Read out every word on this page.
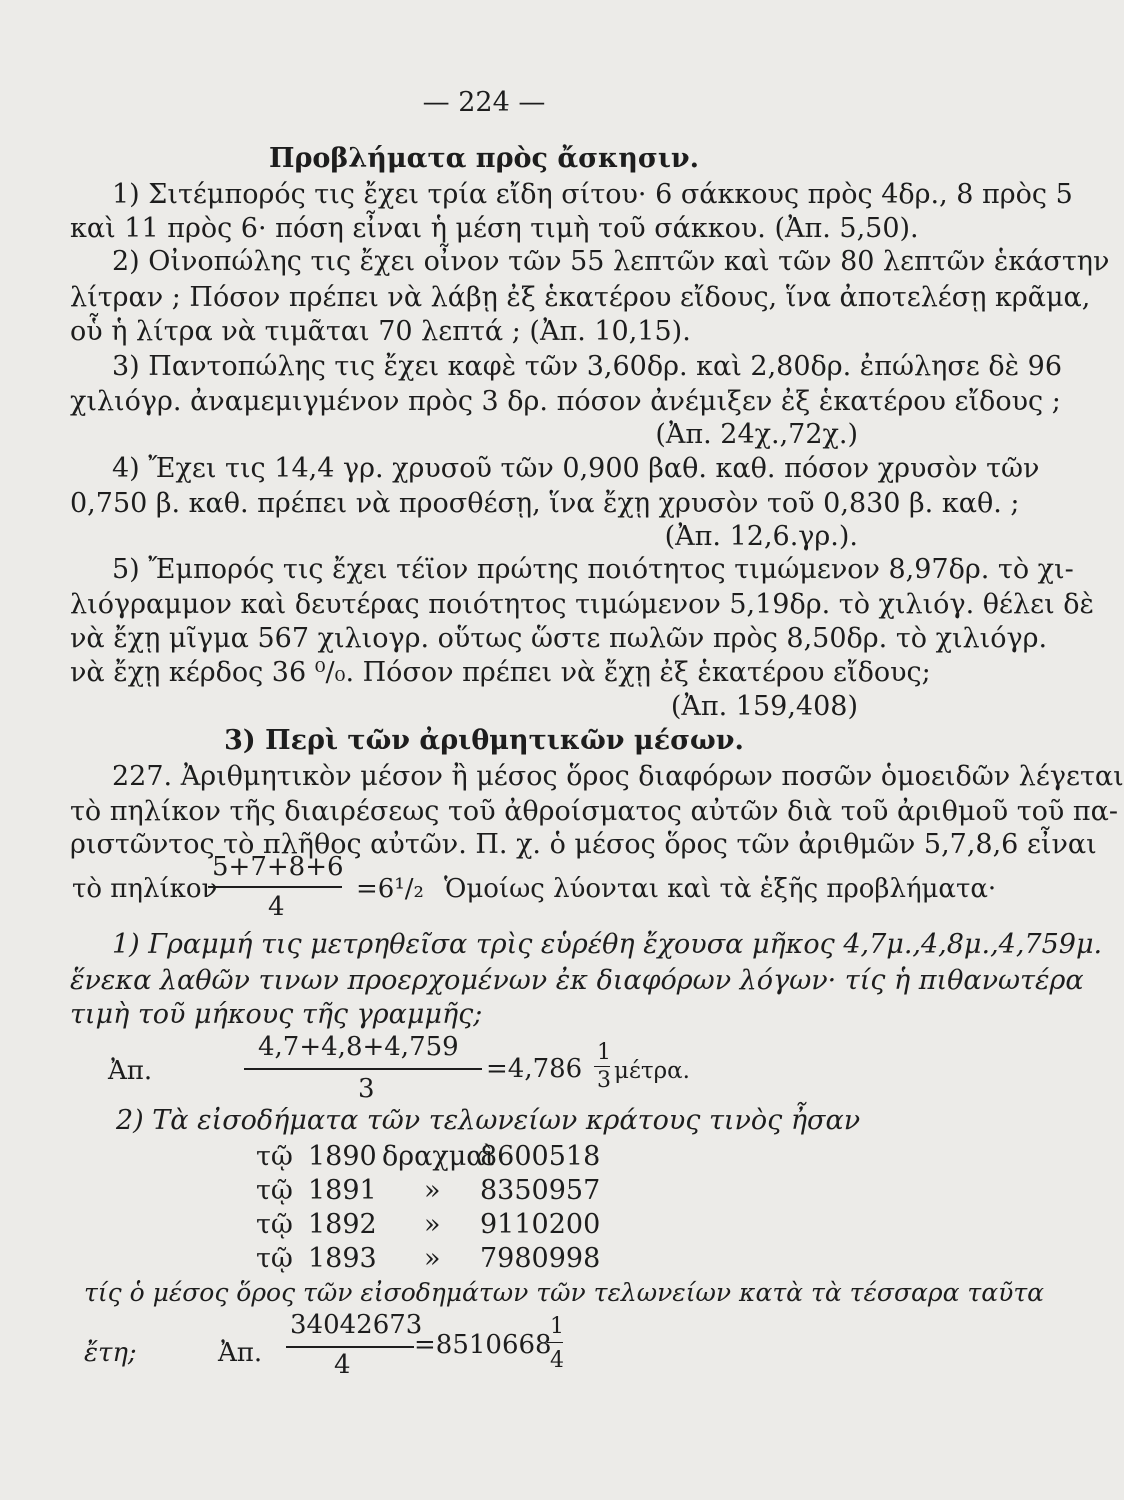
— 224 —
Προβλήματα πρὸς ἄσκησιν.
1) Σιτέμπορός τις ἔχει τρία εἴδη σίτου· 6 σάκκους πρὸς 4δρ., 8 πρὸς 5
καὶ 11 πρὸς 6· πόση εἶναι ἡ μέση τιμὴ τοῦ σάκκου. (Ἀπ. 5,50).
2) Οἰνοπώλης τις ἔχει οἶνον τῶν 55 λεπτῶν καὶ τῶν 80 λεπτῶν ἑκάστην
λίτραν ; Πόσον πρέπει νὰ λάβῃ ἐξ ἑκατέρου εἴδους, ἵνα ἀποτελέσῃ κρᾶμα,
οὗ ἡ λίτρα νὰ τιμᾶται 70 λεπτά ; (Ἀπ. 10,15).
3) Παντοπώλης τις ἔχει καφὲ τῶν 3,60δρ. καὶ 2,80δρ. ἐπώλησε δὲ 96
χιλιόγρ. ἀναμεμιγμένον πρὸς 3 δρ. πόσον ἀνέμιξεν ἐξ ἑκατέρου εἴδους ;
(Ἀπ. 24χ.,72χ.)
4) Ἔχει τις 14,4 γρ. χρυσοῦ τῶν 0,900 βαθ. καθ. πόσον χρυσὸν τῶν
0,750 β. καθ. πρέπει νὰ προσθέσῃ, ἵνα ἔχῃ χρυσὸν τοῦ 0,830 β. καθ. ;
(Ἀπ. 12,6.γρ.).
5) Ἔμπορός τις ἔχει τέϊον πρώτης ποιότητος τιμώμενον 8,97δρ. τὸ χι-
λιόγραμμον καὶ δευτέρας ποιότητος τιμώμενον 5,19δρ. τὸ χιλιόγ. θέλει δὲ
νὰ ἔχῃ μῖγμα 567 χιλιογρ. οὕτως ὥστε πωλῶν πρὸς 8,50δρ. τὸ χιλιόγρ.
νὰ ἔχῃ κέρδος 36 ⁰/₀. Πόσον πρέπει νὰ ἔχῃ ἐξ ἑκατέρου εἴδους;
(Ἀπ. 159,408)
3) Περὶ τῶν ἀριθμητικῶν μέσων.
227. Ἀριθμητικὸν μέσον ἢ μέσος ὅρος διαφόρων ποσῶν ὁμοειδῶν λέγεται
τὸ πηλίκον τῆς διαιρέσεως τοῦ ἀθροίσματος αὐτῶν διὰ τοῦ ἀριθμοῦ τοῦ πα-
ριστῶντος τὸ πλῆθος αὐτῶν. Π. χ. ὁ μέσος ὅρος τῶν ἀριθμῶν 5,7,8,6 εἶναι
τὸ πηλίκον
5+7+8+6
4
=6¹/₂ Ὁμοίως λύονται καὶ τὰ ἑξῆς προβλήματα·
1) Γραμμή τις μετρηθεῖσα τρὶς εὑρέθη ἔχουσα μῆκος 4,7μ.,4,8μ.,4,759μ.
ἕνεκα λαθῶν τινων προερχομένων ἐκ διαφόρων λόγων· τίς ἡ πιθανωτέρα
τιμὴ τοῦ μήκους τῆς γραμμῆς;
Ἀπ.
4,7+4,8+4,759
3
=4,786
1
3 μέτρα.
2) Τὰ εἰσοδήματα τῶν τελωνείων κράτους τινὸς ἦσαν
τῷ 1890 δραχμαὶ
8600518
τῷ 1891 » 8350957
τῷ 1892 » 9110200
τῷ 1893 » 7980998
τίς ὁ μέσος ὅρος τῶν εἰσοδημάτων τῶν τελωνείων κατὰ τὰ τέσσαρα ταῦτα
ἔτη;	Ἀπ.
34042673
4
=8510668
1
4
